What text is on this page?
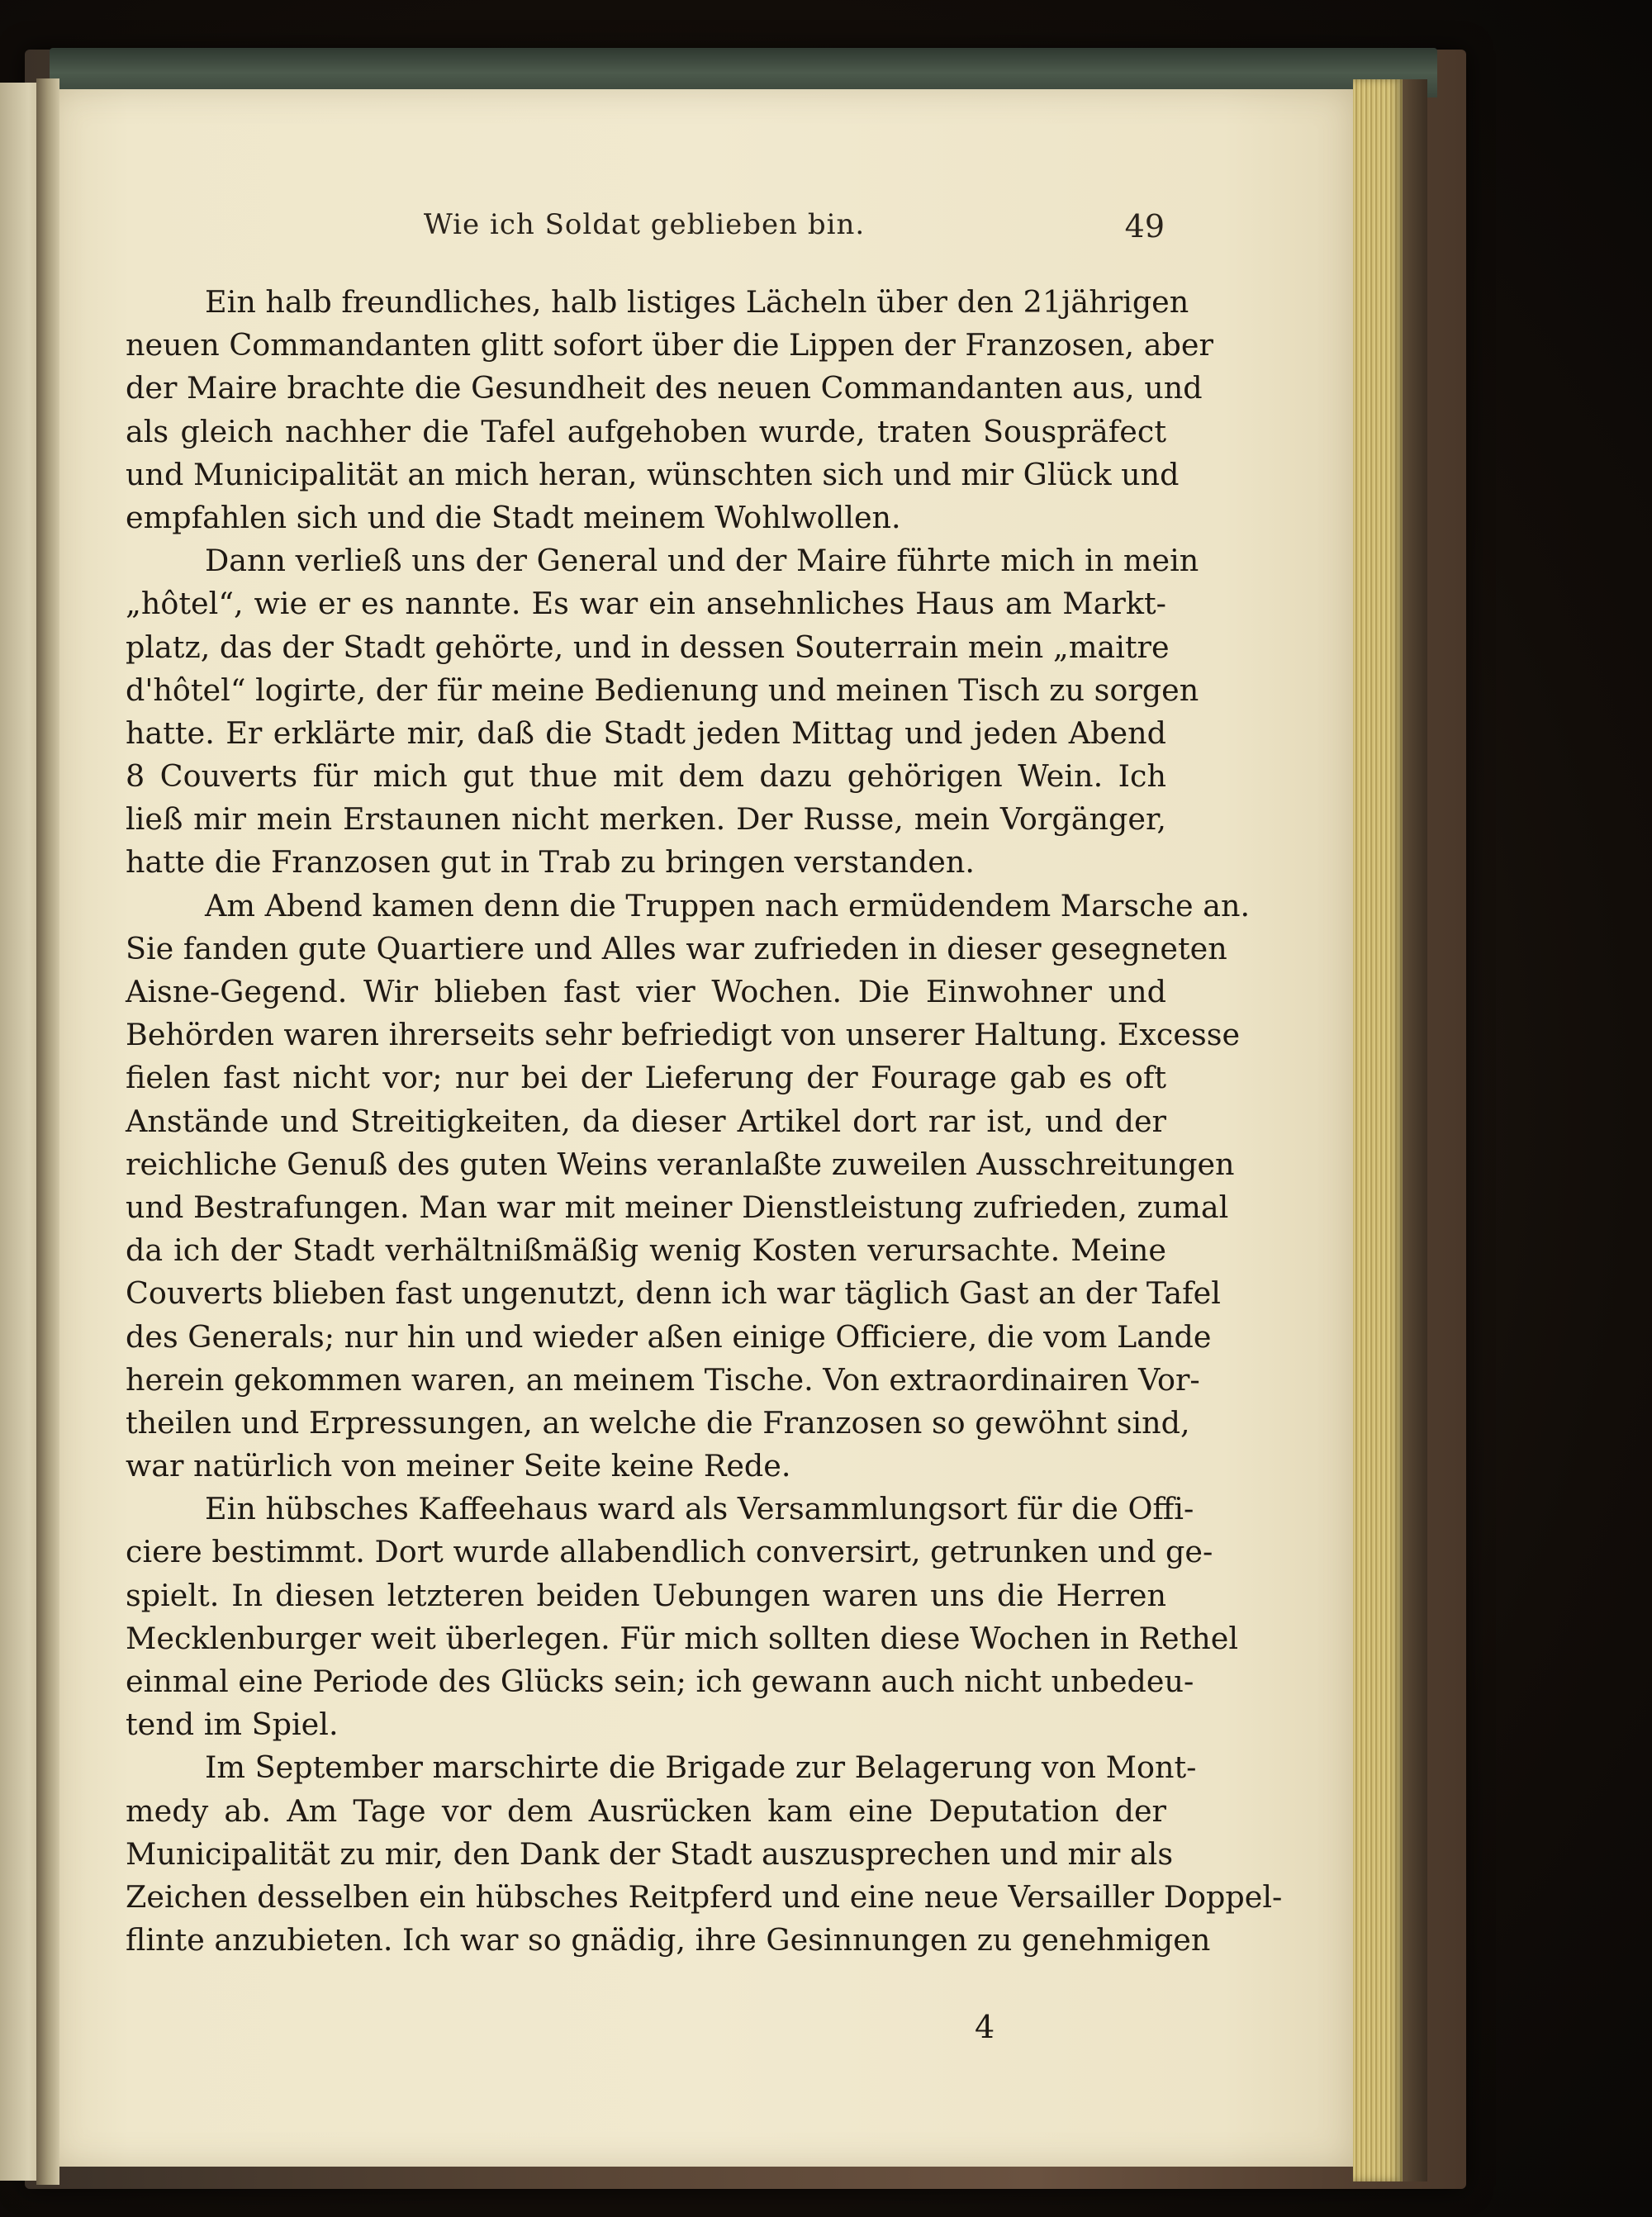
Wie ich Soldat geblieben bin.	49
Ein halb freundliches, halb listiges Lächeln über den 21jährigen
neuen Commandanten glitt sofort über die Lippen der Franzosen, aber
der Maire brachte die Gesundheit des neuen Commandanten aus, und
als gleich nachher die Tafel aufgehoben wurde, traten Souspräfect
und Municipalität an mich heran, wünschten sich und mir Glück und
empfahlen sich und die Stadt meinem Wohlwollen.
Dann verließ uns der General und der Maire führte mich in mein
„hôtel“, wie er es nannte. Es war ein ansehnliches Haus am Markt-
platz, das der Stadt gehörte, und in dessen Souterrain mein „maitre
d'hôtel“ logirte, der für meine Bedienung und meinen Tisch zu sorgen
hatte. Er erklärte mir, daß die Stadt jeden Mittag und jeden Abend
8 Couverts für mich gut thue mit dem dazu gehörigen Wein. Ich
ließ mir mein Erstaunen nicht merken. Der Russe, mein Vorgänger,
hatte die Franzosen gut in Trab zu bringen verstanden.
Am Abend kamen denn die Truppen nach ermüdendem Marsche an.
Sie fanden gute Quartiere und Alles war zufrieden in dieser gesegneten
Aisne-Gegend. Wir blieben fast vier Wochen. Die Einwohner und
Behörden waren ihrerseits sehr befriedigt von unserer Haltung. Excesse
fielen fast nicht vor; nur bei der Lieferung der Fourage gab es oft
Anstände und Streitigkeiten, da dieser Artikel dort rar ist, und der
reichliche Genuß des guten Weins veranlaßte zuweilen Ausschreitungen
und Bestrafungen. Man war mit meiner Dienstleistung zufrieden, zumal
da ich der Stadt verhältnißmäßig wenig Kosten verursachte. Meine
Couverts blieben fast ungenutzt, denn ich war täglich Gast an der Tafel
des Generals; nur hin und wieder aßen einige Officiere, die vom Lande
herein gekommen waren, an meinem Tische. Von extraordinairen Vor-
theilen und Erpressungen, an welche die Franzosen so gewöhnt sind,
war natürlich von meiner Seite keine Rede.
Ein hübsches Kaffeehaus ward als Versammlungsort für die Offi-
ciere bestimmt. Dort wurde allabendlich conversirt, getrunken und ge-
spielt. In diesen letzteren beiden Uebungen waren uns die Herren
Mecklenburger weit überlegen. Für mich sollten diese Wochen in Rethel
einmal eine Periode des Glücks sein; ich gewann auch nicht unbedeu-
tend im Spiel.
Im September marschirte die Brigade zur Belagerung von Mont-
medy ab. Am Tage vor dem Ausrücken kam eine Deputation der
Municipalität zu mir, den Dank der Stadt auszusprechen und mir als
Zeichen desselben ein hübsches Reitpferd und eine neue Versailler Doppel-
flinte anzubieten. Ich war so gnädig, ihre Gesinnungen zu genehmigen
4
